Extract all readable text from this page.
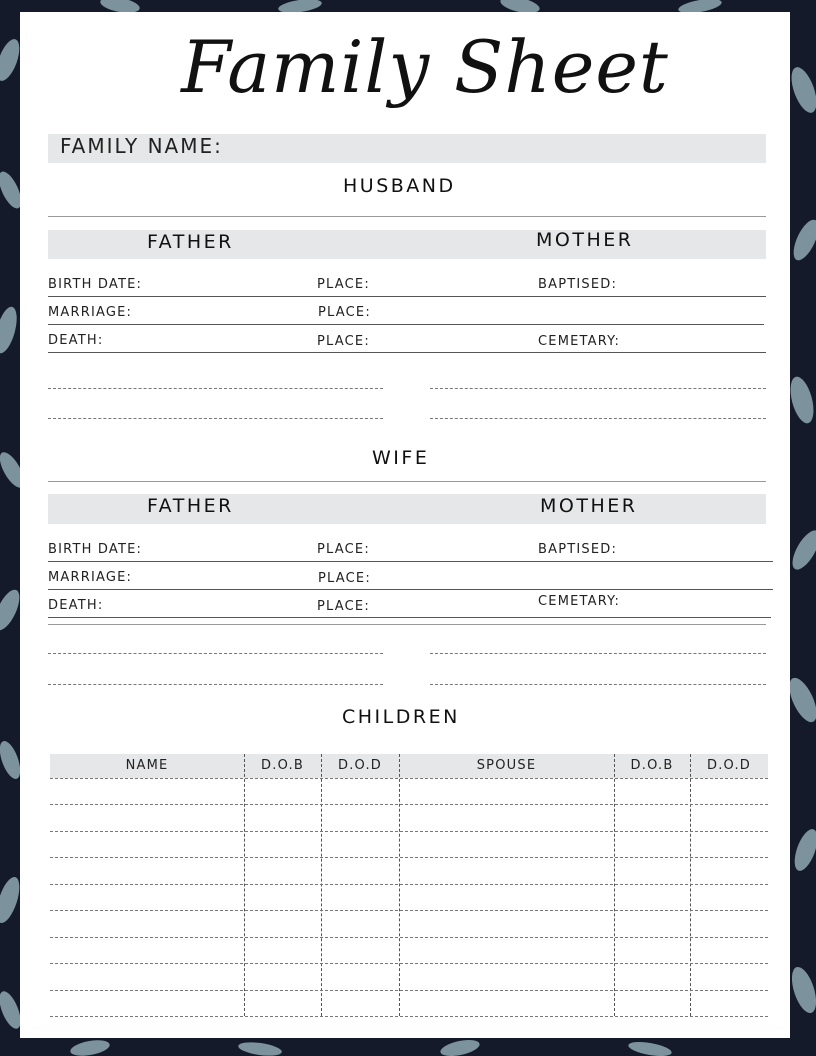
Family Sheet
FAMILY NAME:
HUSBAND
FATHER	MOTHER
BIRTH DATE:	PLACE:	BAPTISED:
MARRIAGE:	PLACE:
DEATH:	PLACE:	CEMETARY:
WIFE
FATHER	MOTHER
BIRTH DATE:	PLACE:	BAPTISED:
MARRIAGE:	PLACE:
DEATH:	PLACE:	CEMETARY:
CHILDREN
NAME	D.O.B	D.O.D	SPOUSE	D.O.B	D.O.D
